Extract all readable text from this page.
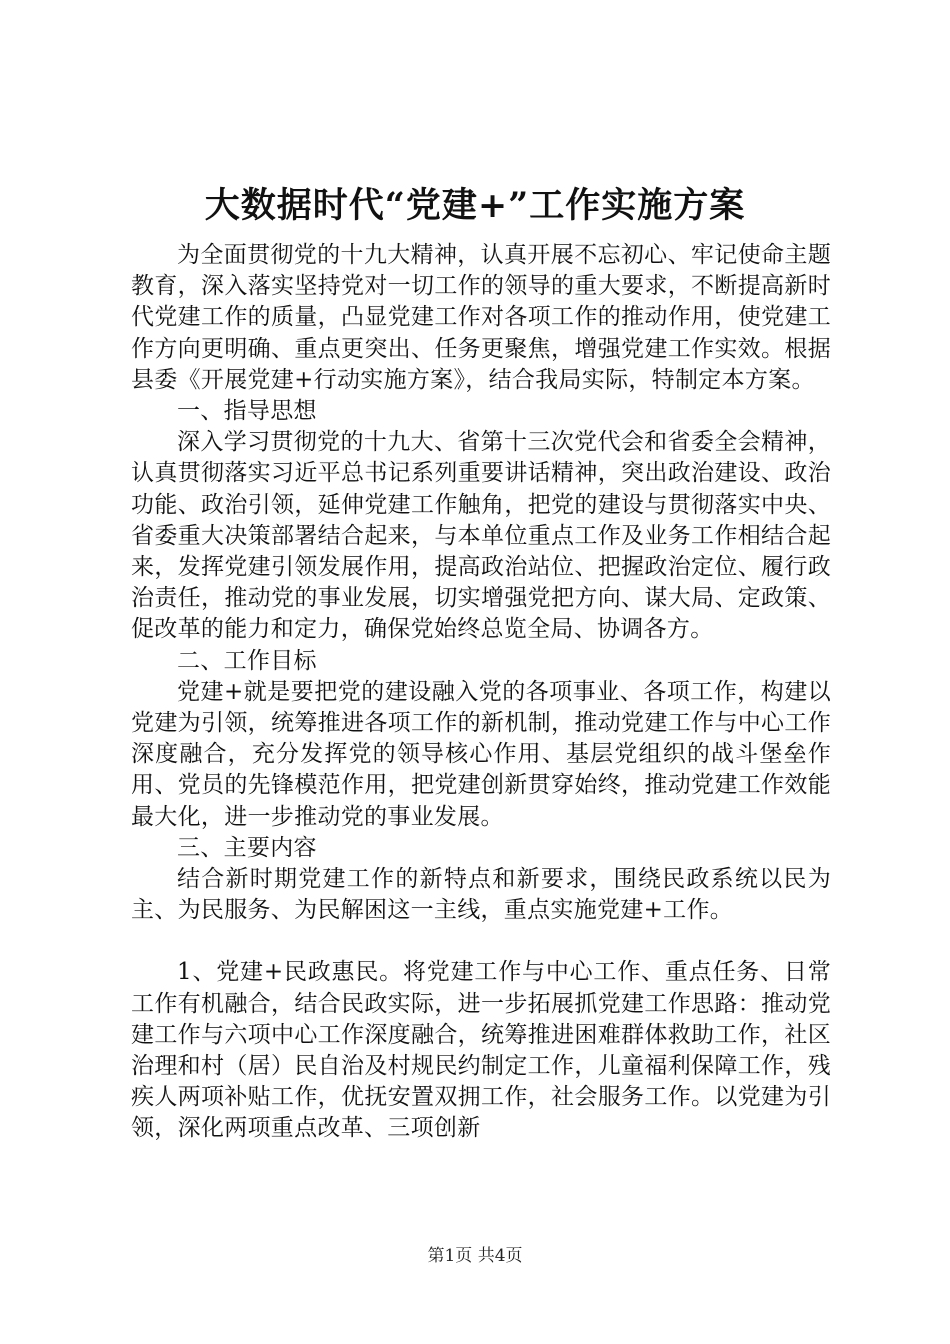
大数据时代“党建+”工作实施方案

为全面贯彻党的十九大精神，认真开展不忘初心、牢记使命主题教育，深入落实坚持党对一切工作的领导的重大要求，不断提高新时代党建工作的质量，凸显党建工作对各项工作的推动作用，使党建工作方向更明确、重点更突出、任务更聚焦，增强党建工作实效。根据县委《开展党建+行动实施方案》，结合我局实际，特制定本方案。

一、指导思想

深入学习贯彻党的十九大、省第十三次党代会和省委全会精神，认真贯彻落实习近平总书记系列重要讲话精神，突出政治建设、政治功能、政治引领，延伸党建工作触角，把党的建设与贯彻落实中央、省委重大决策部署结合起来，与本单位重点工作及业务工作相结合起来，发挥党建引领发展作用，提高政治站位、把握政治定位、履行政治责任，推动党的事业发展，切实增强党把方向、谋大局、定政策、促改革的能力和定力，确保党始终总览全局、协调各方。

二、工作目标

党建+就是要把党的建设融入党的各项事业、各项工作，构建以党建为引领，统筹推进各项工作的新机制，推动党建工作与中心工作深度融合，充分发挥党的领导核心作用、基层党组织的战斗堡垒作用、党员的先锋模范作用，把党建创新贯穿始终，推动党建工作效能最大化，进一步推动党的事业发展。

三、主要内容

结合新时期党建工作的新特点和新要求，围绕民政系统以民为主、为民服务、为民解困这一主线，重点实施党建+工作。

1、党建+民政惠民。将党建工作与中心工作、重点任务、日常工作有机融合，结合民政实际，进一步拓展抓党建工作思路：推动党建工作与六项中心工作深度融合，统筹推进困难群体救助工作，社区治理和村（居）民自治及村规民约制定工作，儿童福利保障工作，残疾人两项补贴工作，优抚安置双拥工作，社会服务工作。以党建为引领，深化两项重点改革、三项创新

第1页 共4页
